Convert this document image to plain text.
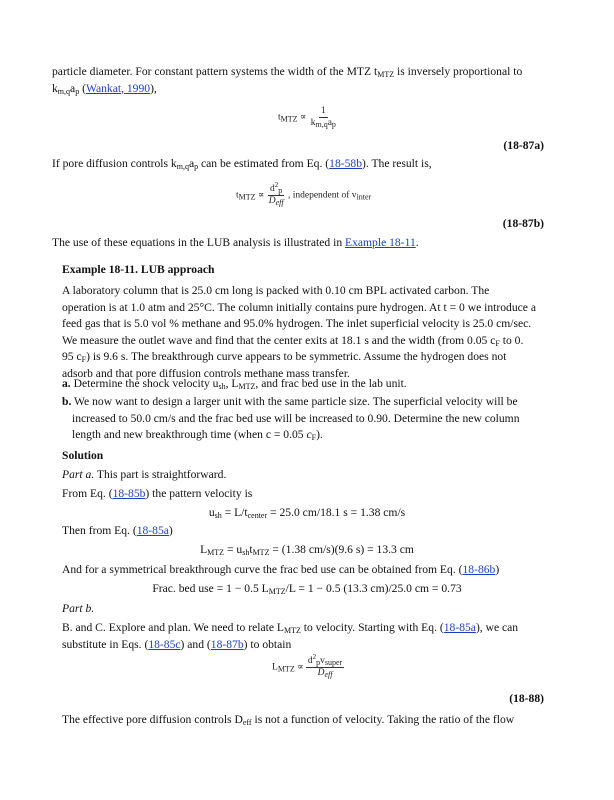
particle diameter. For constant pattern systems the width of the MTZ $t_{MTZ}$ is inversely proportional to
$k_{m,q}a_p$ (Wankat, 1990),
$t_{MTZ} \propto \frac{1}{k_{m,q}a_p}$
(18-87a)
If pore diffusion controls $k_{m,q}a_p$ can be estimated from Eq. (18-58b). The result is,
$t_{MTZ} \propto \frac{d^2_p}{D_{eff}}$ , independent of $v_{inter}$
(18-87b)
The use of these equations in the LUB analysis is illustrated in Example 18-11.
Example 18-11. LUB approach
A laboratory column that is 25.0 cm long is packed with 0.10 cm BPL activated carbon. The
operation is at 1.0 atm and 25°C. The column initially contains pure hydrogen. At t = 0 we introduce a
feed gas that is 5.0 vol % methane and 95.0% hydrogen. The inlet superficial velocity is 25.0 cm/sec.
We measure the outlet wave and find that the center exits at 18.1 s and the width (from 0.05 $c_F$ to 0.
95 $c_F$) is 9.6 s. The breakthrough curve appears to be symmetric. Assume the hydrogen does not
adsorb and that pore diffusion controls methane mass transfer.
a. Determine the shock velocity $u_{sh}$, $L_{MTZ}$, and frac bed use in the lab unit.
b. We now want to design a larger unit with the same particle size. The superficial velocity will be
increased to 50.0 cm/s and the frac bed use will be increased to 0.90. Determine the new column
length and new breakthrough time (when c = 0.05 $c_F$).
Solution
Part a. This part is straightforward.
From Eq. (18-85b) the pattern velocity is
$u_{sh} = L/t_{center} = 25.0$ cm/18.1 s = 1.38 cm/s
Then from Eq. (18-85a)
$L_{MTZ} = u_{sh}t_{MTZ} = (1.38$ cm/s)(9.6 s) = 13.3 cm
And for a symmetrical breakthrough curve the frac bed use can be obtained from Eq. (18-86b)
Frac. bed use = 1 − 0.5 $L_{MTZ}/L = 1 - 0.5$ (13.3 cm)/25.0 cm = 0.73
Part b.
B. and C. Explore and plan. We need to relate $L_{MTZ}$ to velocity. Starting with Eq. (18-85a), we can
substitute in Eqs. (18-85c) and (18-87b) to obtain
$L_{MTZ} \propto \frac{d^2_pv_{super}}{D_{eff}}$
(18-88)
The effective pore diffusion controls $D_{eff}$ is not a function of velocity. Taking the ratio of the flow
